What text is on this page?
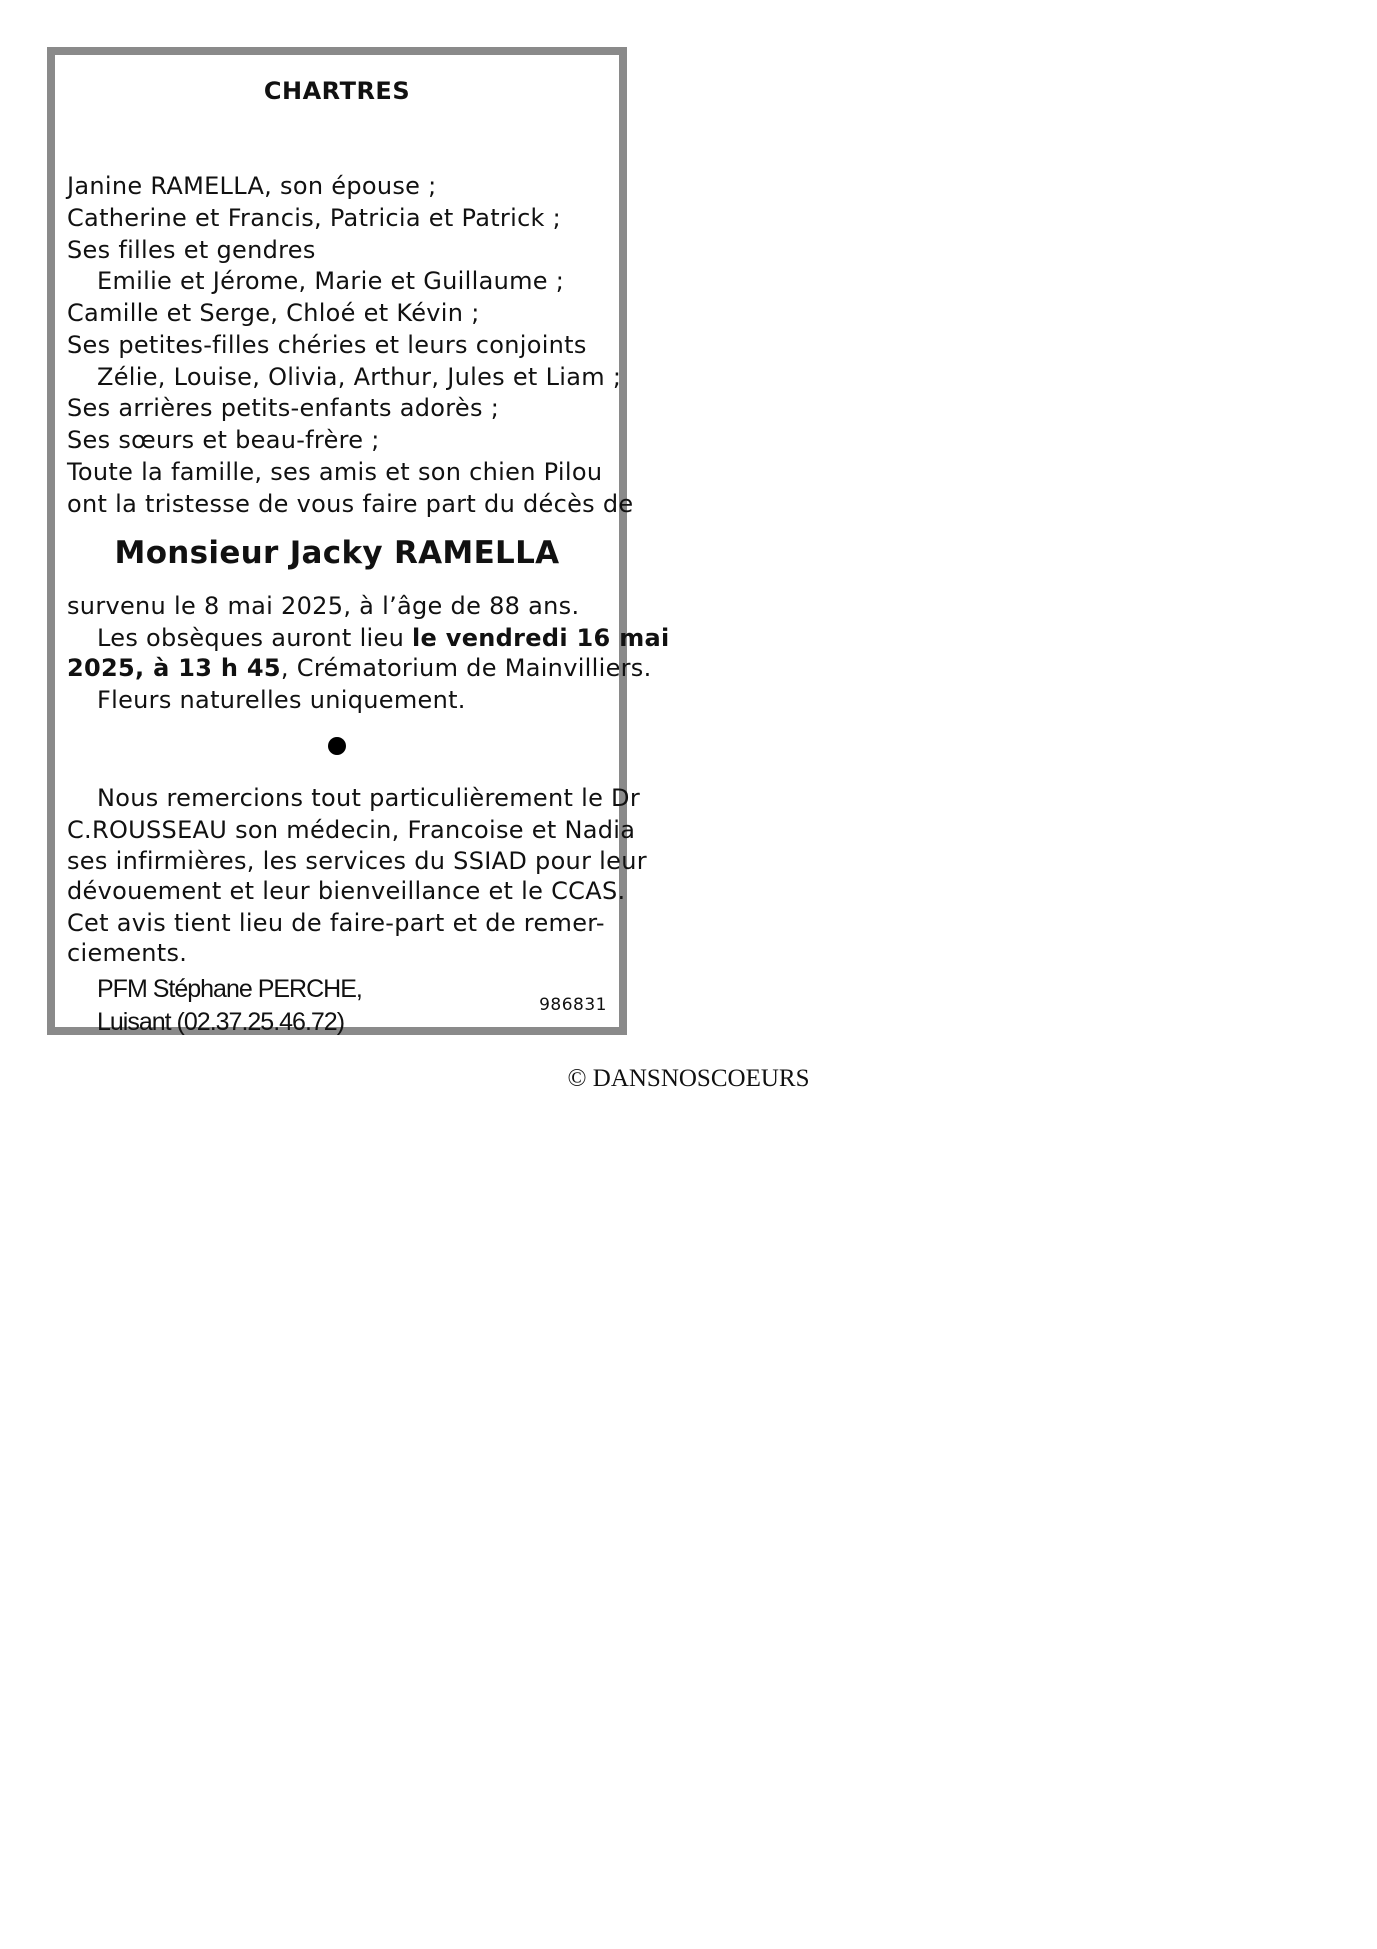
CHARTRES
Janine RAMELLA, son épouse ;
Catherine et Francis, Patricia et Patrick ;
Ses filles et gendres
Emilie et Jérome, Marie et Guillaume ;
Camille et Serge, Chloé et Kévin ;
Ses petites-filles chéries et leurs conjoints
Zélie, Louise, Olivia, Arthur, Jules et Liam ;
Ses arrières petits-enfants adorès ;
Ses sœurs et beau-frère ;
Toute la famille, ses amis et son chien Pilou
ont la tristesse de vous faire part du décès de
Monsieur Jacky RAMELLA
survenu le 8 mai 2025, à l’âge de 88 ans.
Les obsèques auront lieu le vendredi 16 mai
2025, à 13 h 45, Crématorium de Mainvilliers.
Fleurs naturelles uniquement.
Nous remercions tout particulièrement le Dr
C.ROUSSEAU son médecin, Francoise et Nadia
ses infirmières, les services du SSIAD pour leur
dévouement et leur bienveillance et le CCAS.
Cet avis tient lieu de faire-part et de remer-
ciements.
PFM Stéphane PERCHE,
Luisant (02.37.25.46.72)
986831
© DANSNOSCOEURS
